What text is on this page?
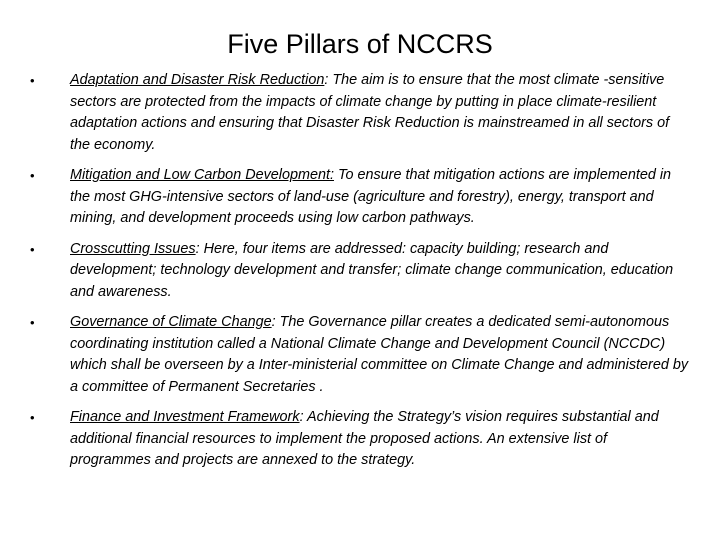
Five Pillars of NCCRS
•	Adaptation and Disaster Risk Reduction: The aim is to ensure that the most climate -sensitive sectors are protected from the impacts of climate change by putting in place climate-resilient adaptation actions and ensuring that Disaster Risk Reduction is mainstreamed in all sectors of the economy.
•	Mitigation and Low Carbon Development: To ensure that mitigation actions are implemented in the most GHG-intensive sectors of land-use (agriculture and forestry), energy, transport and mining, and development proceeds using low carbon pathways.
•	Crosscutting Issues: Here, four items are addressed: capacity building; research and development; technology development and transfer; climate change communication, education and awareness.
•	Governance of Climate Change: The Governance pillar creates a dedicated semi-autonomous coordinating institution called a National Climate Change and Development Council (NCCDC) which shall be overseen by a Inter-ministerial committee on Climate Change and administered by a committee of Permanent Secretaries .
•	Finance and Investment Framework: Achieving the Strategy’s vision requires substantial and additional financial resources to implement the proposed actions. An extensive list of programmes and projects are annexed to the strategy.
